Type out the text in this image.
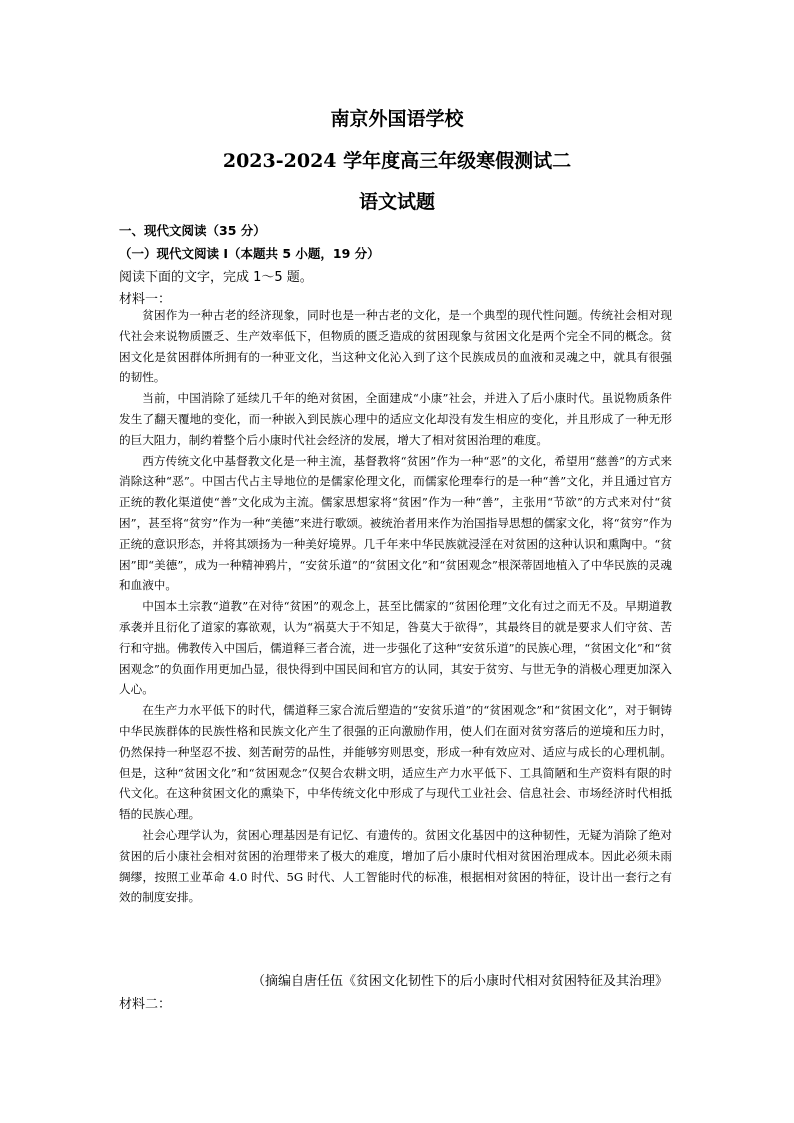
南京外国语学校
2023-2024 学年度高三年级寒假测试二
语文试题
一、现代文阅读（35 分）
（一）现代文阅读 I（本题共 5 小题，19 分）
阅读下面的文字，完成 1～5 题。
材料一：

贫困作为一种古老的经济现象，同时也是一种古老的文化，是一个典型的现代性问题。传统社会相对现代社会来说物质匮乏、生产效率低下，但物质的匮乏造成的贫困现象与贫困文化是两个完全不同的概念。贫困文化是贫困群体所拥有的一种亚文化，当这种文化沁入到了这个民族成员的血液和灵魂之中，就具有很强的韧性。

当前，中国消除了延续几千年的绝对贫困，全面建成“小康”社会，并进入了后小康时代。虽说物质条件发生了翻天覆地的变化，而一种嵌入到民族心理中的适应文化却没有发生相应的变化，并且形成了一种无形的巨大阻力，制约着整个后小康时代社会经济的发展，增大了相对贫困治理的难度。

西方传统文化中基督教文化是一种主流，基督教将“贫困”作为一种“恶”的文化，希望用“慈善”的方式来消除这种“恶”。中国古代占主导地位的是儒家伦理文化，而儒家伦理奉行的是一种“善”文化，并且通过官方正统的教化渠道使“善”文化成为主流。儒家思想家将“贫困”作为一种“善”，主张用“节欲”的方式来对付“贫困”，甚至将“贫穷”作为一种“美德”来进行歌颂。被统治者用来作为治国指导思想的儒家文化，将“贫穷”作为正统的意识形态，并将其颂扬为一种美好境界。几千年来中华民族就浸淫在对贫困的这种认识和熏陶中。“贫困”即“美德”，成为一种精神鸦片，“安贫乐道”的“贫困文化”和“贫困观念”根深蒂固地植入了中华民族的灵魂和血液中。

中国本土宗教“道教”在对待“贫困”的观念上，甚至比儒家的“贫困伦理”文化有过之而无不及。早期道教承袭并且衍化了道家的寡欲观，认为“祸莫大于不知足，咎莫大于欲得”，其最终目的就是要求人们守贫、苦行和守拙。佛教传入中国后，儒道释三者合流，进一步强化了这种“安贫乐道”的民族心理，“贫困文化”和“贫困观念”的负面作用更加凸显，很快得到中国民间和官方的认同，其安于贫穷、与世无争的消极心理更加深入人心。

在生产力水平低下的时代，儒道释三家合流后塑造的“安贫乐道”的“贫困观念”和“贫困文化”，对于铜铸中华民族群体的民族性格和民族文化产生了很强的正向激励作用，使人们在面对贫穷落后的逆境和压力时，仍然保持一种坚忍不拔、刻苦耐劳的品性，并能够穷则思变，形成一种有效应对、适应与成长的心理机制。但是，这种“贫困文化”和“贫困观念”仅契合农耕文明，适应生产力水平低下、工具简陋和生产资料有限的时代文化。在这种贫困文化的熏染下，中华传统文化中形成了与现代工业社会、信息社会、市场经济时代相抵牾的民族心理。

社会心理学认为，贫困心理基因是有记忆、有遗传的。贫困文化基因中的这种韧性，无疑为消除了绝对贫困的后小康社会相对贫困的治理带来了极大的难度，增加了后小康时代相对贫困治理成本。因此必须未雨绸缪，按照工业革命 4.0 时代、5G 时代、人工智能时代的标准，根据相对贫困的特征，设计出一套行之有效的制度安排。

（摘编自唐任伍《贫困文化韧性下的后小康时代相对贫困特征及其治理》
材料二：
